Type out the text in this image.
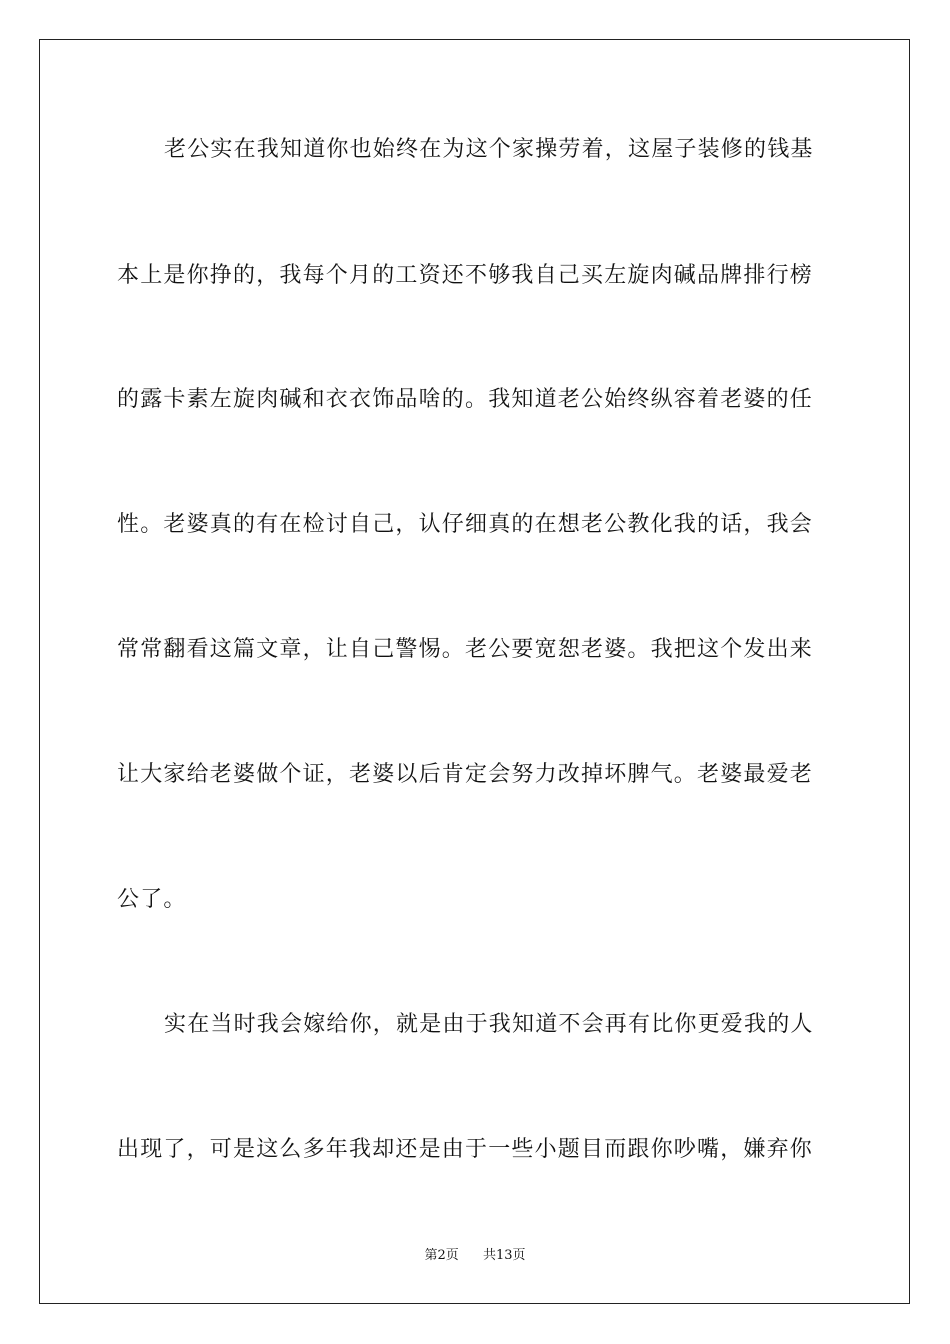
老公实在我知道你也始终在为这个家操劳着，这屋子装修的钱基
本上是你挣的，我每个月的工资还不够我自己买左旋肉碱品牌排行榜
的露卡素左旋肉碱和衣衣饰品啥的。我知道老公始终纵容着老婆的任
性。老婆真的有在检讨自己，认仔细真的在想老公教化我的话，我会
常常翻看这篇文章，让自己警惕。老公要宽恕老婆。我把这个发出来
让大家给老婆做个证，老婆以后肯定会努力改掉坏脾气。老婆最爱老
公了。
实在当时我会嫁给你，就是由于我知道不会再有比你更爱我的人
出现了，可是这么多年我却还是由于一些小题目而跟你吵嘴，嫌弃你
第2页 共13页
